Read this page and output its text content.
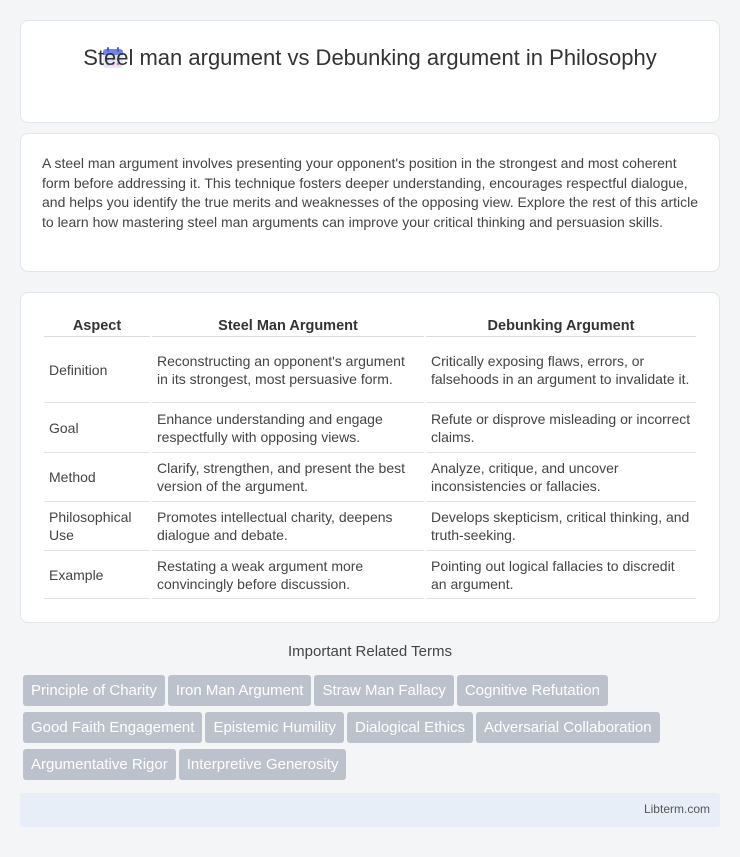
Steel man argument vs Debunking argument in Philosophy

A steel man argument involves presenting your opponent's position in the strongest and most coherent form before addressing it. This technique fosters deeper understanding, encourages respectful dialogue, and helps you identify the true merits and weaknesses of the opposing view. Explore the rest of this article to learn how mastering steel man arguments can improve your critical thinking and persuasion skills.

Aspect	Steel Man Argument	Debunking Argument
Definition	Reconstructing an opponent's argument in its strongest, most persuasive form.	Critically exposing flaws, errors, or falsehoods in an argument to invalidate it.
Goal	Enhance understanding and engage respectfully with opposing views.	Refute or disprove misleading or incorrect claims.
Method	Clarify, strengthen, and present the best version of the argument.	Analyze, critique, and uncover inconsistencies or fallacies.
Philosophical Use	Promotes intellectual charity, deepens dialogue and debate.	Develops skepticism, critical thinking, and truth-seeking.
Example	Restating a weak argument more convincingly before discussion.	Pointing out logical fallacies to discredit an argument.
Important Related Terms
Principle of Charity Iron Man Argument Straw Man Fallacy Cognitive Refutation
Good Faith Engagement Epistemic Humility Dialogical Ethics Adversarial Collaboration
Argumentative Rigor Interpretive Generosity
Libterm.com
